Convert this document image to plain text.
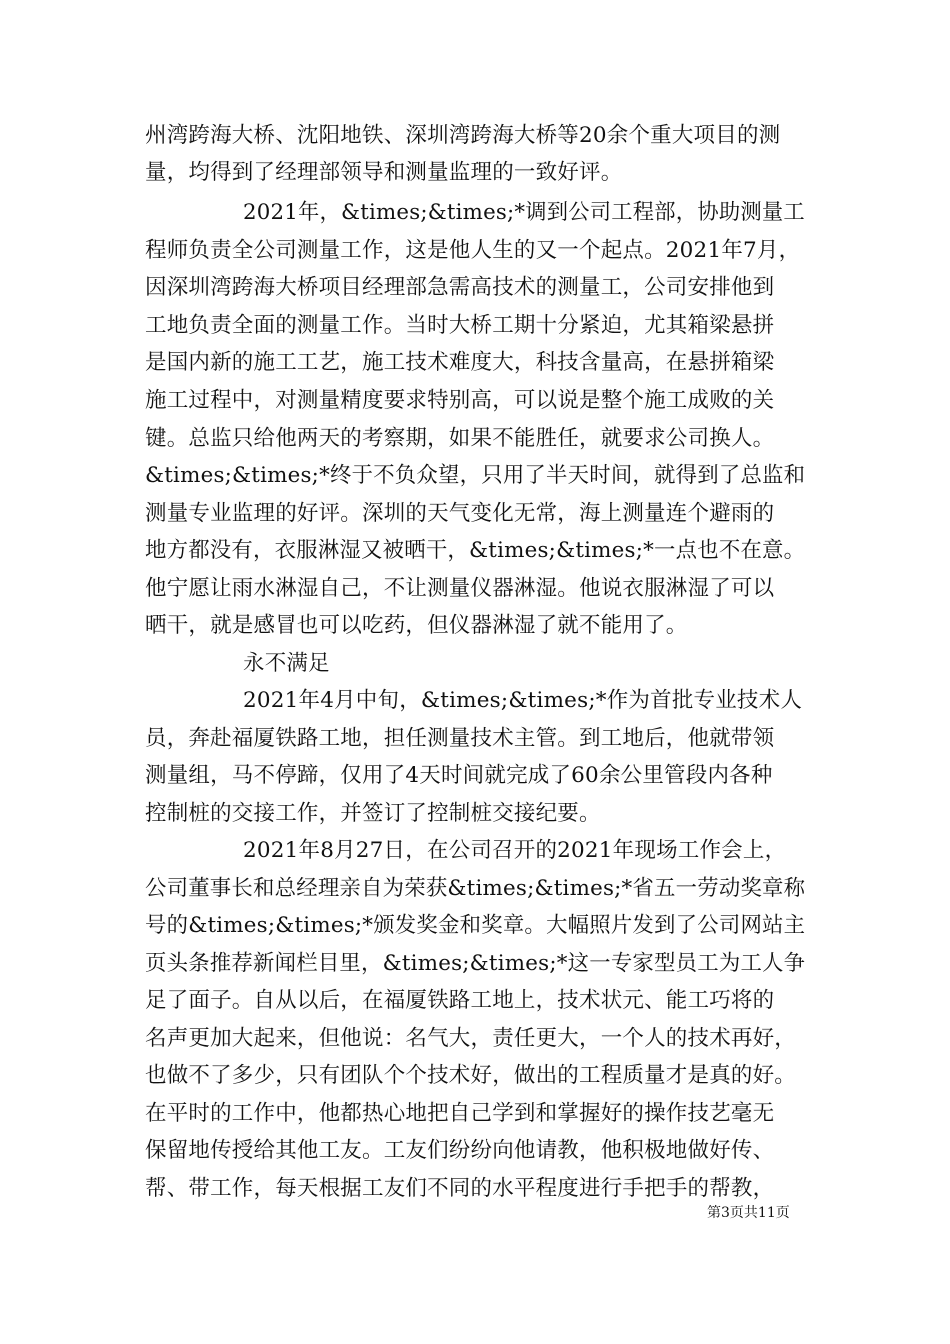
州湾跨海大桥、沈阳地铁、深圳湾跨海大桥等20余个重大项目的测
量，均得到了经理部领导和测量监理的一致好评。
2021年，&times;&times;*调到公司工程部，协助测量工
程师负责全公司测量工作，这是他人生的又一个起点。2021年7月，
因深圳湾跨海大桥项目经理部急需高技术的测量工，公司安排他到
工地负责全面的测量工作。当时大桥工期十分紧迫，尤其箱梁悬拼
是国内新的施工工艺，施工技术难度大，科技含量高，在悬拼箱梁
施工过程中，对测量精度要求特别高，可以说是整个施工成败的关
键。总监只给他两天的考察期，如果不能胜任，就要求公司换人。
&times;&times;*终于不负众望，只用了半天时间，就得到了总监和
测量专业监理的好评。深圳的天气变化无常，海上测量连个避雨的
地方都没有，衣服淋湿又被晒干，&times;&times;*一点也不在意。
他宁愿让雨水淋湿自己，不让测量仪器淋湿。他说衣服淋湿了可以
晒干，就是感冒也可以吃药，但仪器淋湿了就不能用了。
永不满足
2021年4月中旬，&times;&times;*作为首批专业技术人
员，奔赴福厦铁路工地，担任测量技术主管。到工地后，他就带领
测量组，马不停蹄，仅用了4天时间就完成了60余公里管段内各种
控制桩的交接工作，并签订了控制桩交接纪要。
2021年8月27日，在公司召开的2021年现场工作会上，
公司董事长和总经理亲自为荣获&times;&times;*省五一劳动奖章称
号的&times;&times;*颁发奖金和奖章。大幅照片发到了公司网站主
页头条推荐新闻栏目里，&times;&times;*这一专家型员工为工人争
足了面子。自从以后，在福厦铁路工地上，技术状元、能工巧将的
名声更加大起来，但他说：名气大，责任更大，一个人的技术再好，
也做不了多少，只有团队个个技术好，做出的工程质量才是真的好。
在平时的工作中，他都热心地把自己学到和掌握好的操作技艺毫无
保留地传授给其他工友。工友们纷纷向他请教，他积极地做好传、
帮、带工作，每天根据工友们不同的水平程度进行手把手的帮教，
第3页共11页
